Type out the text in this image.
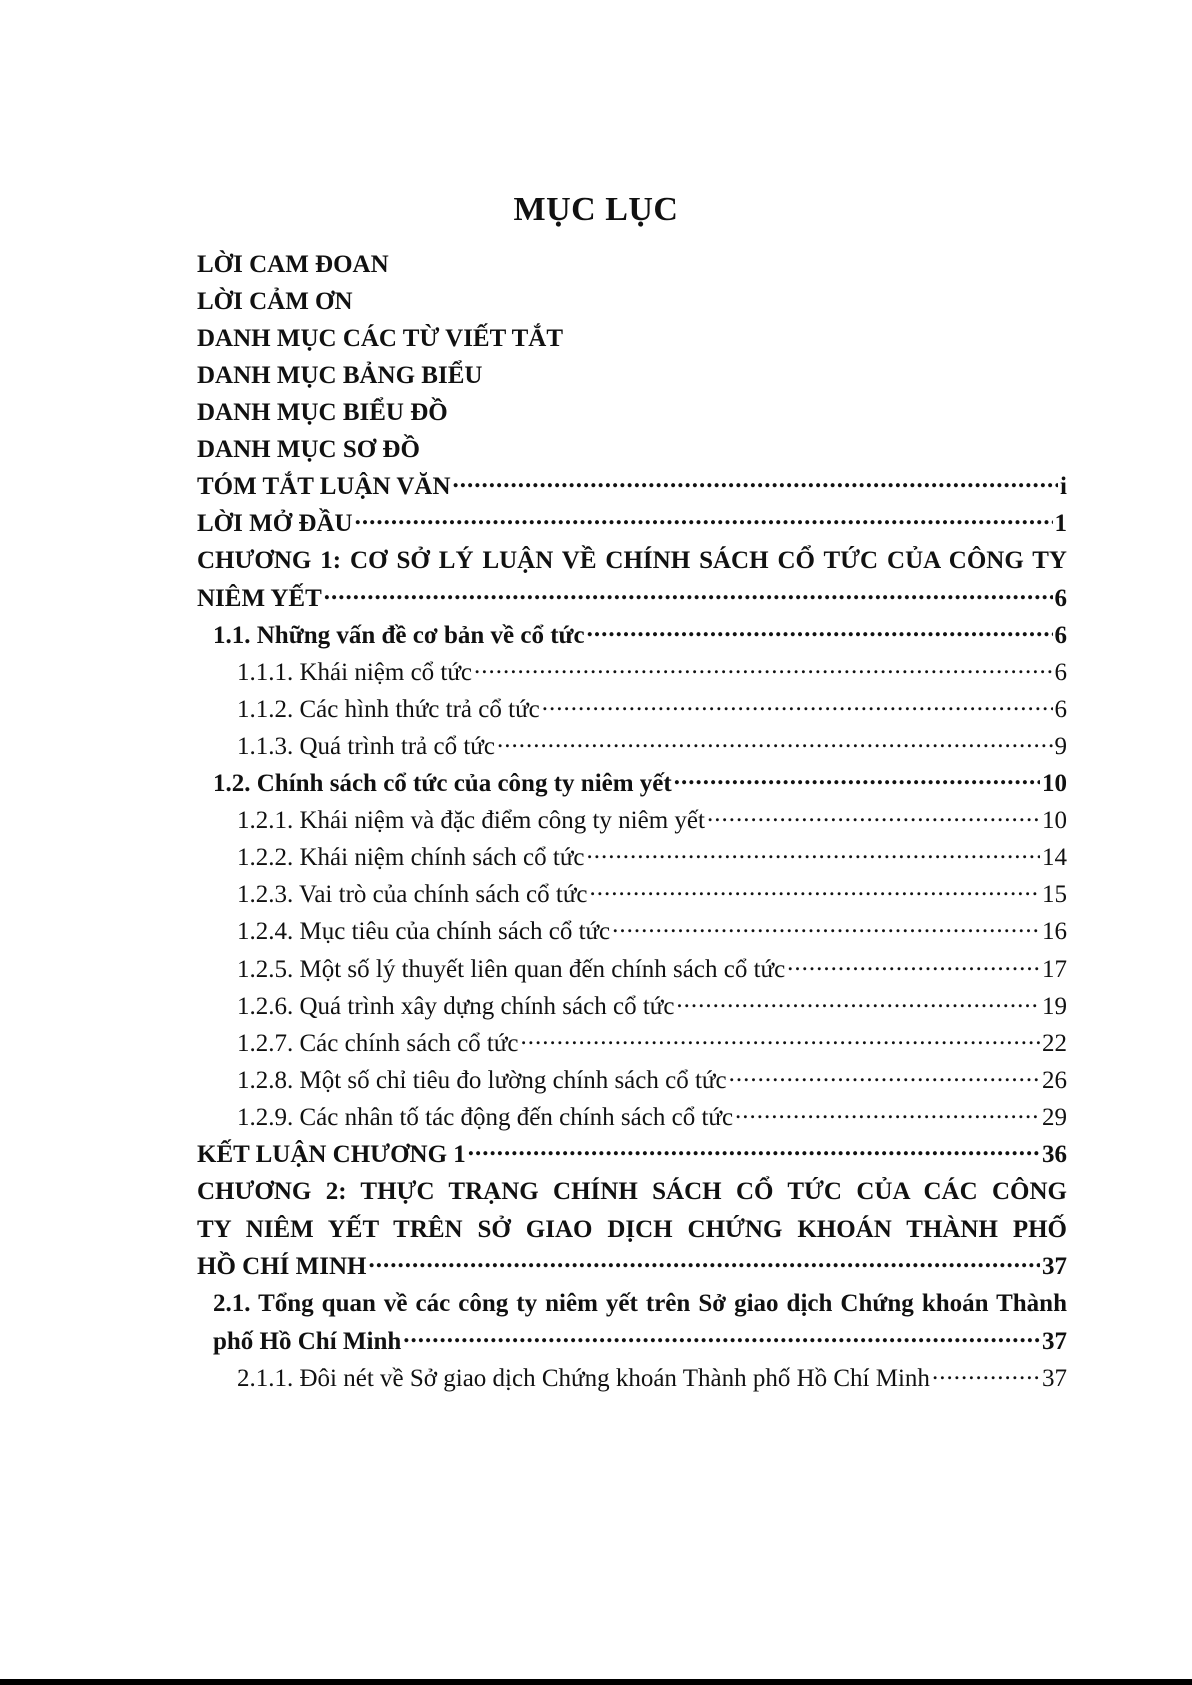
MỤC LỤC
LỜI CAM ĐOAN
LỜI CẢM ƠN
DANH MỤC CÁC TỪ VIẾT TẮT
DANH MỤC BẢNG BIỂU
DANH MỤC BIỂU ĐỒ
DANH MỤC SƠ ĐỒ
TÓM TẮT LUẬN VĂN .....	i
LỜI MỞ ĐẦU .....	1
CHƯƠNG 1: CƠ SỞ LÝ LUẬN VỀ CHÍNH SÁCH CỔ TỨC CỦA CÔNG TY
NIÊM YẾT .....	6
1.1. Những vấn đề cơ bản về cổ tức .....	6
1.1.1. Khái niệm cổ tức .....	6
1.1.2. Các hình thức trả cổ tức .....	6
1.1.3. Quá trình trả cổ tức .....	9
1.2. Chính sách cổ tức của công ty niêm yết .....	10
1.2.1. Khái niệm và đặc điểm công ty niêm yết .....	10
1.2.2. Khái niệm chính sách cổ tức .....	14
1.2.3. Vai trò của chính sách cổ tức .....	15
1.2.4. Mục tiêu của chính sách cổ tức .....	16
1.2.5. Một số lý thuyết liên quan đến chính sách cổ tức .....	17
1.2.6. Quá trình xây dựng chính sách cổ tức .....	19
1.2.7. Các chính sách cổ tức .....	22
1.2.8. Một số chỉ tiêu đo lường chính sách cổ tức .....	26
1.2.9. Các nhân tố tác động đến chính sách cổ tức .....	29
KẾT LUẬN CHƯƠNG 1 .....	36
CHƯƠNG 2: THỰC TRẠNG CHÍNH SÁCH CỔ TỨC CỦA CÁC CÔNG
TY NIÊM YẾT TRÊN SỞ GIAO DỊCH CHỨNG KHOÁN THÀNH PHỐ
HỒ CHÍ MINH .....	37
2.1. Tổng quan về các công ty niêm yết trên Sở giao dịch Chứng khoán Thành
phố Hồ Chí Minh .....	37
2.1.1. Đôi nét về Sở giao dịch Chứng khoán Thành phố Hồ Chí Minh .....	37
